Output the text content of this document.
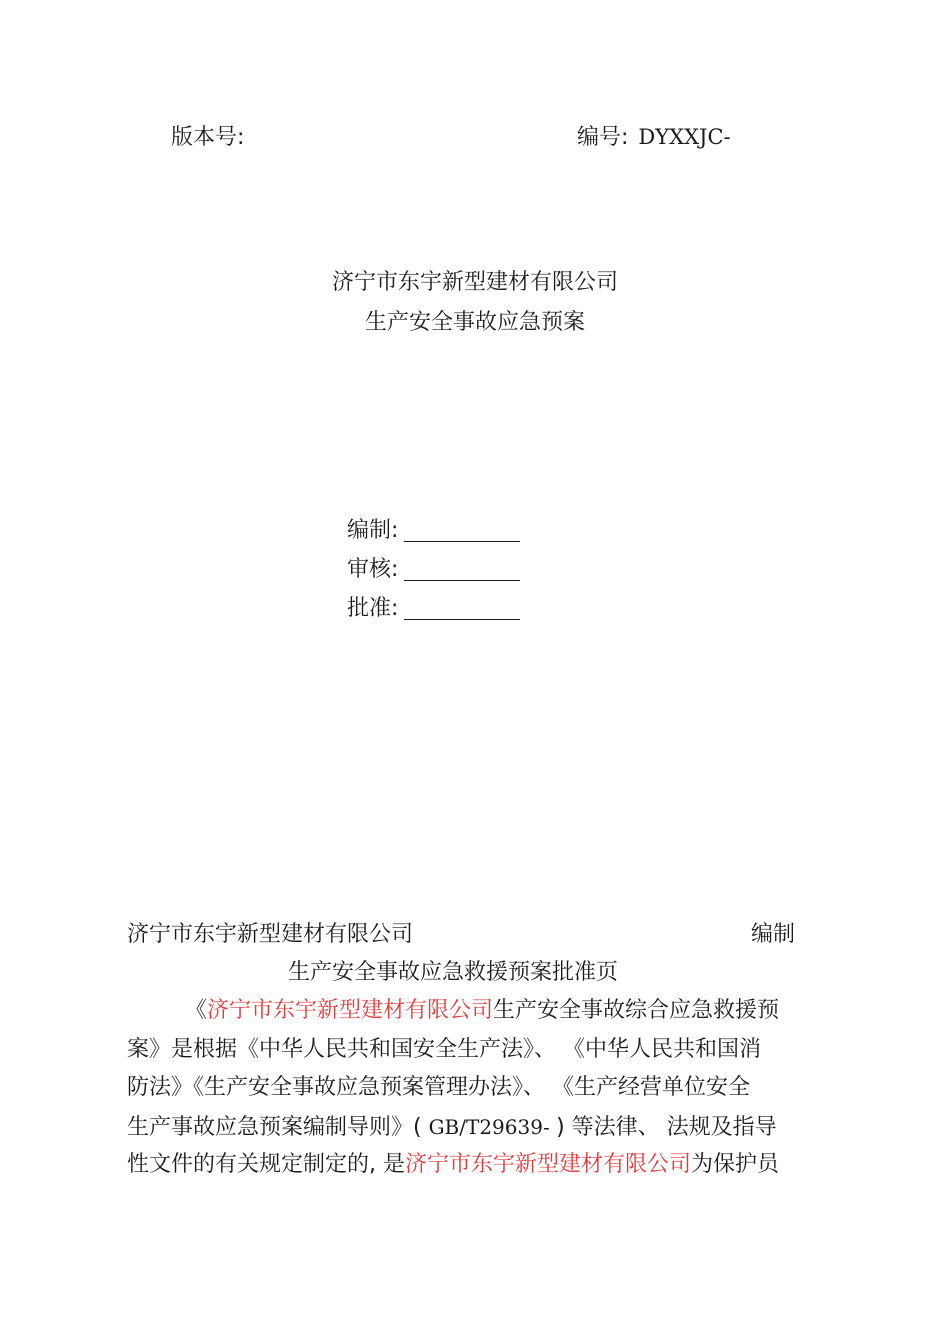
版本号:	编号: DYXXJC-
济宁市东宇新型建材有限公司
生产安全事故应急预案
编制:
审核:
批准:
济宁市东宇新型建材有限公司	编制
生产安全事故应急救援预案批准页
《济宁市东宇新型建材有限公司生产安全事故综合应急救援预
案》是根据《中华人民共和国安全生产法》、 《中华人民共和国消
防法》《生产安全事故应急预案管理办法》、 《生产经营单位安全
生产事故应急预案编制导则》( GB/T29639- ) 等法律、 法规及指导
性文件的有关规定制定的, 是济宁市东宇新型建材有限公司为保护员
